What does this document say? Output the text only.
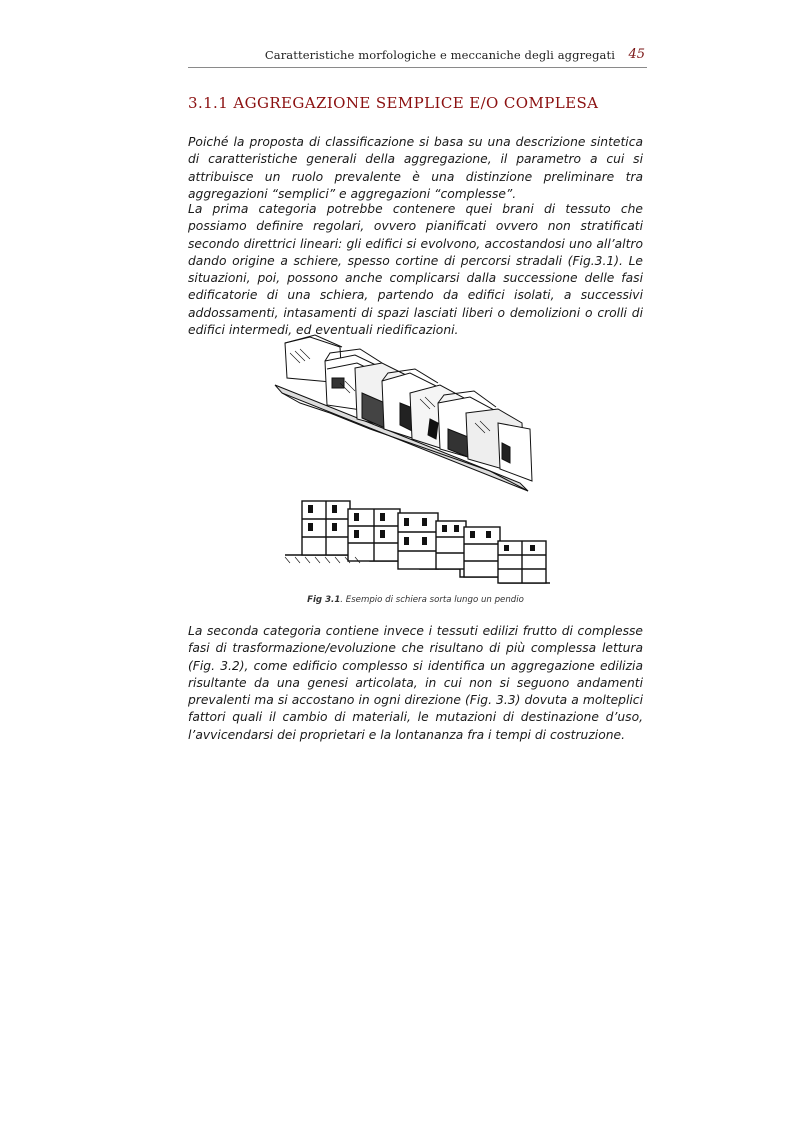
Caratteristiche morfologiche e meccaniche degli aggregati 45
3.1.1 AGGREGAZIONE SEMPLICE E/O COMPLESA

Poiché la proposta di classificazione si basa su una descrizione sintetica di caratteristiche generali della aggregazione, il parametro a cui si attribuisce un ruolo prevalente è una distinzione preliminare tra aggregazioni “semplici” e aggregazioni “complesse”.

La prima categoria potrebbe contenere quei brani di tessuto che possiamo definire regolari, ovvero pianificati ovvero non stratificati secondo direttrici lineari: gli edifici si evolvono, accostandosi uno all’altro dando origine a schiere, spesso cortine di percorsi stradali (Fig.3.1). Le situazioni, poi, possono anche complicarsi dalla successione delle fasi edificatorie di una schiera, partendo da edifici isolati, a successivi addossamenti, intasamenti di spazi lasciati liberi o demolizioni o crolli di edifici intermedi, ed eventuali riedificazioni.

Fig 3.1. Esempio di schiera sorta lungo un pendio

La seconda categoria contiene invece i tessuti edilizi frutto di complesse fasi di trasformazione/evoluzione che risultano di più complessa lettura (Fig. 3.2), come edificio complesso si identifica un aggregazione edilizia risultante da una genesi articolata, in cui non si seguono andamenti prevalenti ma si accostano in ogni direzione (Fig. 3.3) dovuta a molteplici fattori quali il cambio di materiali, le mutazioni di destinazione d’uso, l’avvicendarsi dei proprietari e la lontananza fra i tempi di costruzione.
